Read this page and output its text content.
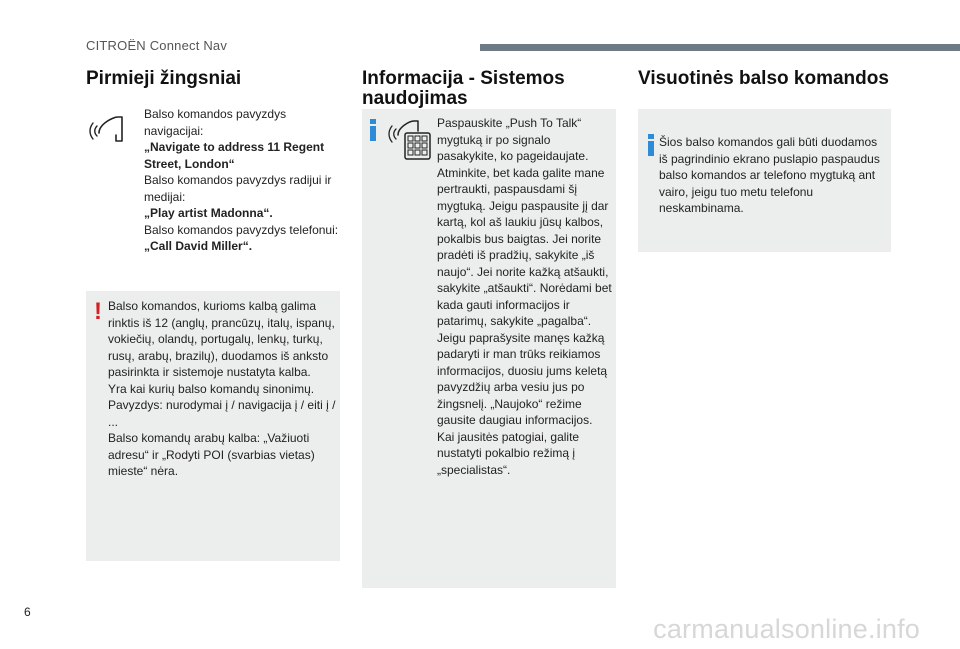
CITROËN Connect Nav
Pirmieji žingsniai

Balso komandos pavyzdys navigacijai:

„Navigate to address 11 Regent Street, London“

Balso komandos pavyzdys radijui ir medijai:

„Play artist Madonna“.

Balso komandos pavyzdys telefonui:

„Call David Miller“.

! Balso komandos, kurioms kalbą galima rinktis iš 12 (anglų, prancūzų, italų, ispanų, vokiečių, olandų, portugalų, lenkų, turkų, rusų, arabų, brazilų), duodamos iš anksto pasirinkta ir sistemoje nustatyta kalba.

Yra kai kurių balso komandų sinonimų.

Pavyzdys: nurodymai į / navigacija į / eiti į / ...

Balso komandų arabų kalba: „Važiuoti adresu“ ir „Rodyti POI (svarbias vietas) mieste“ nėra.

Informacija - Sistemos naudojimas

Paspauskite „Push To Talk“ mygtuką ir po signalo pasakykite, ko pageidaujate. Atminkite, bet kada galite mane pertraukti, paspausdami šį mygtuką. Jeigu paspausite jį dar kartą, kol aš laukiu jūsų kalbos, pokalbis bus baigtas. Jei norite pradėti iš pradžių, sakykite „iš naujo“. Jei norite kažką atšaukti, sakykite „atšaukti“. Norėdami bet kada gauti informacijos ir patarimų, sakykite „pagalba“. Jeigu paprašysite manęs kažką padaryti ir man trūks reikiamos informacijos, duosiu jums keletą pavyzdžių arba vesiu jus po žingsnelį. „Naujoko“ režime gausite daugiau informacijos. Kai jausitės patogiai, galite nustatyti pokalbio režimą į „specialistas“.

Visuotinės balso komandos

Šios balso komandos gali būti duodamos iš pagrindinio ekrano puslapio paspaudus balso komandos ar telefono mygtuką ant vairo, jeigu tuo metu telefonu neskambinama.

6
carmanualsonline.info
